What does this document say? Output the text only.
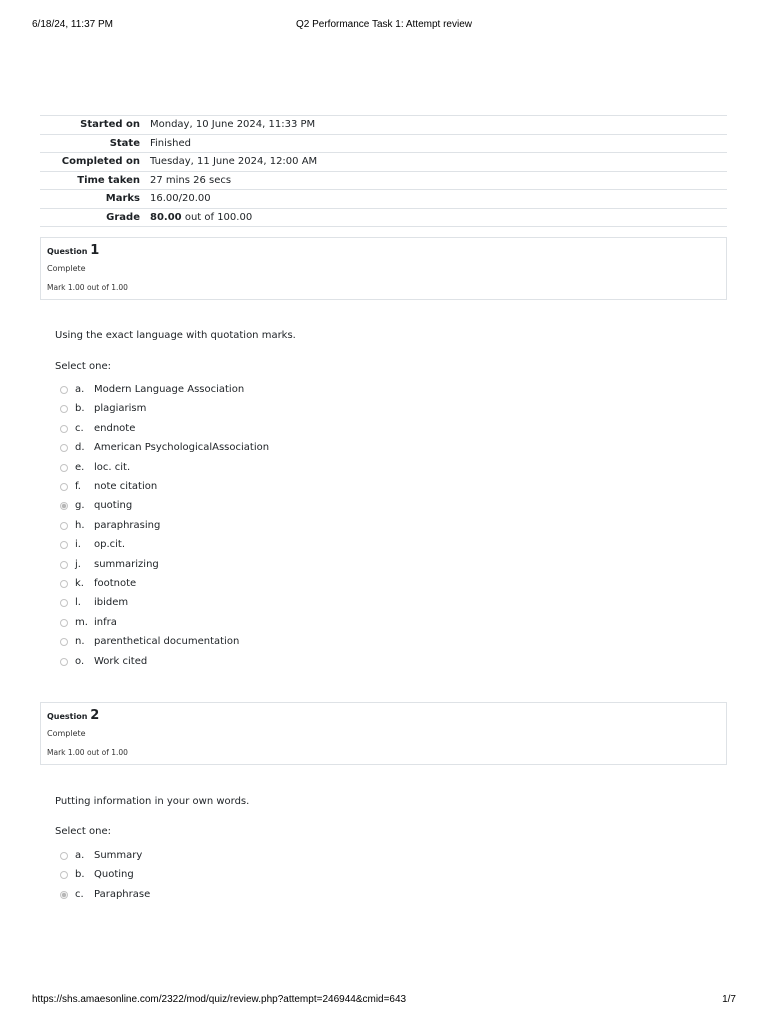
6/18/24, 11:37 PM	Q2 Performance Task 1: Attempt review
Started on	Monday, 10 June 2024, 11:33 PM
State	Finished
Completed on	Tuesday, 11 June 2024, 12:00 AM
Time taken	27 mins 26 secs
Marks	16.00/20.00
Grade	80.00 out of 100.00
Question 1
Complete
Mark 1.00 out of 1.00
Using the exact language with quotation marks.
Select one:
a. Modern Language Association
b. plagiarism
c. endnote
d. American PsychologicalAssociation
e. loc. cit.
f. note citation
g. quoting
h. paraphrasing
i. op.cit.
j. summarizing
k. footnote
l. ibidem
m. infra
n. parenthetical documentation
o. Work cited
Question 2
Complete
Mark 1.00 out of 1.00
Putting information in your own words.
Select one:
a. Summary
b. Quoting
c. Paraphrase
https://shs.amaesonline.com/2322/mod/quiz/review.php?attempt=246944&cmid=643	1/7
